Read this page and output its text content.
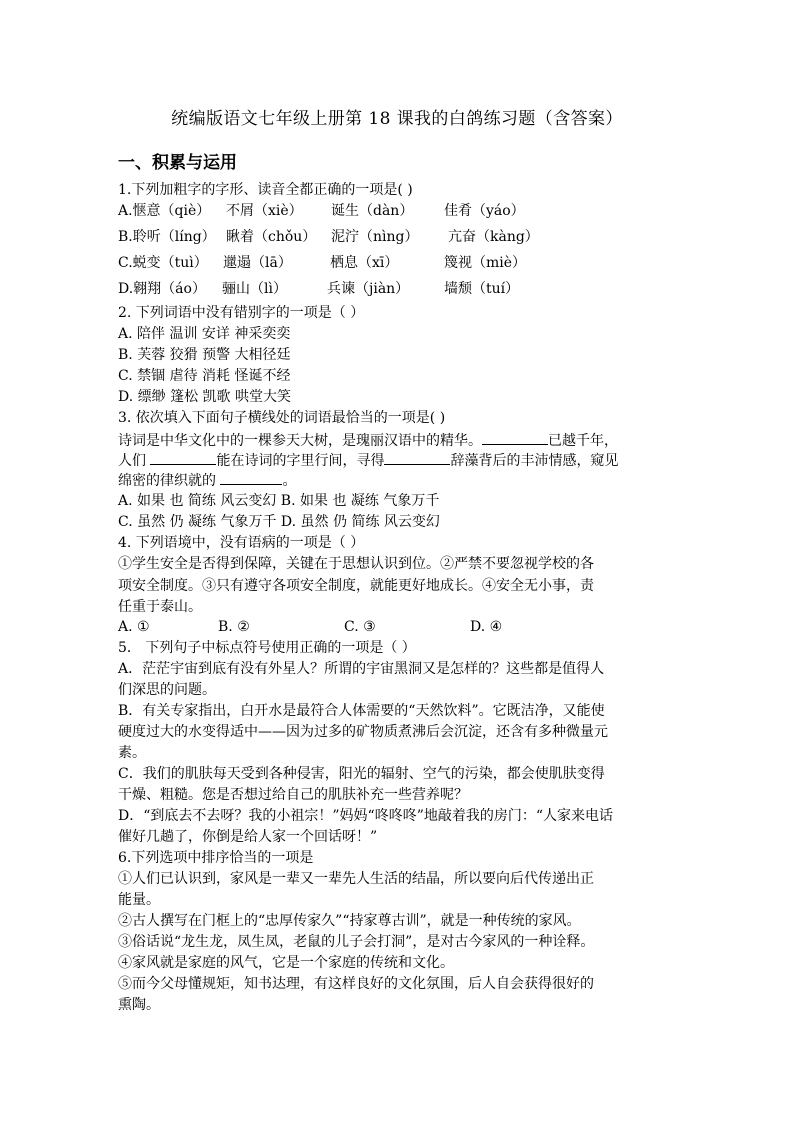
统编版语文七年级上册第 18 课我的白鸽练习题（含答案）
一、积累与运用
1.下列加粗字的字形、读音全都正确的一项是( )
A.惬意（qiè） 不屑（xiè） 诞生（dàn） 佳肴（yáo）
B.聆听（líng） 瞅着（chǒu） 泥泞（nìng） 亢奋（kàng）
C.蜕变（tuì） 邋遢（lā）	栖息（xī）	篾视（miè）
D.翱翔（áo） 骊山（lì）	兵谏（jiàn） 墙颓（tuí）
2. 下列词语中没有错别字的一项是（ ）
A. 陪伴 温训 安详 神采奕奕
B. 芙蓉 狡猾 预警 大相径廷
C. 禁锢 虐待 消耗 怪诞不经
D. 缥缈 篷松 凯歌 哄堂大笑
3. 依次填入下面句子横线处的词语最恰当的一项是( )
诗词是中华文化中的一棵参天大树，是瑰丽汉语中的精华。	已越千年，
人们	能在诗词的字里行间，寻得	辞藻背后的丰沛情感，窥见
绵密的律织就的	。
A. 如果 也 简练 风云变幻 B. 如果 也 凝练 气象万千
C. 虽然 仍 凝练 气象万千 D. 虽然 仍 简练 风云变幻
4. 下列语境中，没有语病的一项是（ ）
①学生安全是否得到保障，关键在于思想认识到位。②严禁不要忽视学校的各
项安全制度。③只有遵守各项安全制度，就能更好地成长。④安全无小事，责
任重于泰山。
A. ①	B. ②	C. ③	D. ④
5． 下列句子中标点符号使用正确的一项是（ ）
A．茫茫宇宙到底有没有外星人？所谓的宇宙黑洞又是怎样的？这些都是值得人
们深思的问题。
B．有关专家指出，白开水是最符合人体需要的“天然饮料”。它既洁净，又能使
硬度过大的水变得适中——因为过多的矿物质煮沸后会沉淀，还含有多种微量元
素。
C．我们的肌肤每天受到各种侵害，阳光的辐射、空气的污染，都会使肌肤变得
干燥、粗糙。您是否想过给自己的肌肤补充一些营养呢？
D．“到底去不去呀？我的小祖宗！”妈妈“咚咚咚”地敲着我的房门：“人家来电话
催好几趟了，你倒是给人家一个回话呀！”
6.下列选项中排序恰当的一项是
①人们已认识到，家风是一辈又一辈先人生活的结晶，所以要向后代传递出正
能量。
②古人撰写在门框上的“忠厚传家久”“持家尊古训”，就是一种传统的家风。
③俗话说“龙生龙，凤生凤，老鼠的儿子会打洞”，是对古今家风的一种诠释。
④家风就是家庭的风气，它是一个家庭的传统和文化。
⑤而今父母懂规矩，知书达理，有这样良好的文化氛围，后人自会获得很好的
熏陶。
